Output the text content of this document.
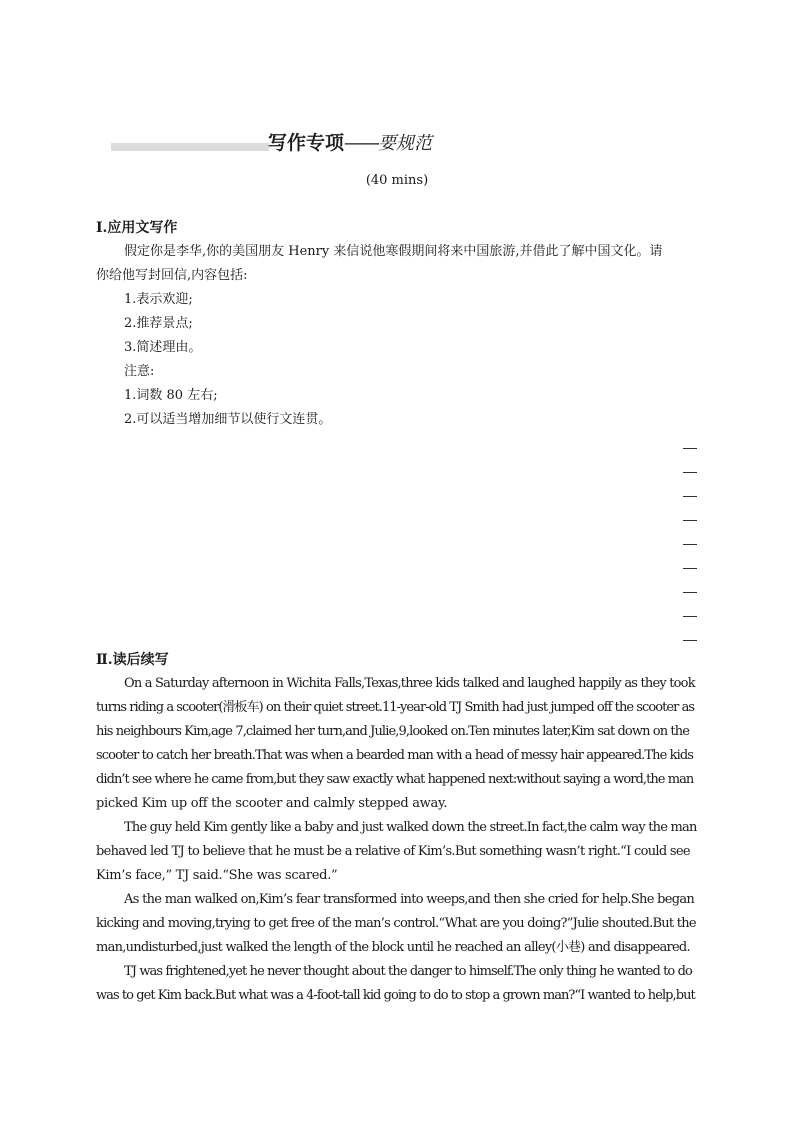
写作专项——要规范
(40 mins)
Ⅰ.应用文写作
假定你是李华,你的美国朋友 Henry 来信说他寒假期间将来中国旅游,并借此了解中国文化。请
你给他写封回信,内容包括:
1.表示欢迎;
2.推荐景点;
3.简述理由。
注意:
1.词数 80 左右;
2.可以适当增加细节以使行文连贯。
Ⅱ.读后续写
On a Saturday afternoon in Wichita Falls,Texas,three kids talked and laughed happily as they took
turns riding a scooter(滑板车) on their quiet street.11-year-old TJ Smith had just jumped off the scooter as
his neighbours Kim,age 7,claimed her turn,and Julie,9,looked on.Ten minutes later,Kim sat down on the
scooter to catch her breath.That was when a bearded man with a head of messy hair appeared.The kids
didn’t see where he came from,but they saw exactly what happened next:without saying a word,the man
picked Kim up off the scooter and calmly stepped away.
The guy held Kim gently like a baby and just walked down the street.In fact,the calm way the man
behaved led TJ to believe that he must be a relative of Kim’s.But something wasn’t right.“I could see
Kim’s face,” TJ said.“She was scared.”
As the man walked on,Kim’s fear transformed into weeps,and then she cried for help.She began
kicking and moving,trying to get free of the man’s control.“What are you doing?”Julie shouted.But the
man,undisturbed,just walked the length of the block until he reached an alley(小巷) and disappeared.
TJ was frightened,yet he never thought about the danger to himself.The only thing he wanted to do
was to get Kim back.But what was a 4-foot-tall kid going to do to stop a grown man?“I wanted to help,but
